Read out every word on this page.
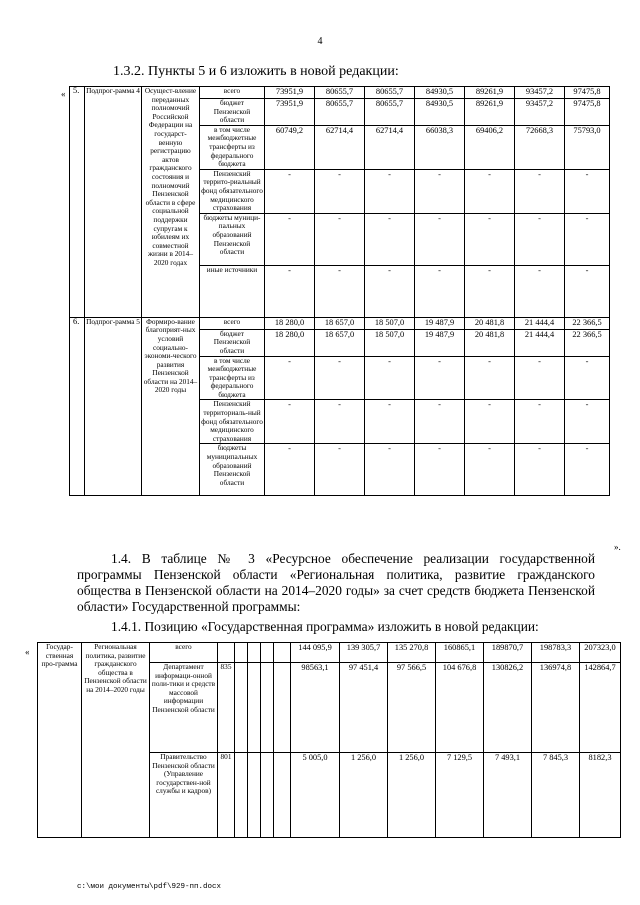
4
1.3.2. Пункты 5 и 6 изложить в новой редакции:
« 5.	Подпрог-рамма 4	Осущест-вление переданных полномочий Российской Федерации на государст-венную регистрацию актов гражданского состояния и полномочий Пензенской области в сфере социальной поддержки супругам к юбилеям их совместной жизни в 2014–2020 годах	всего	73951,9	80655,7	80655,7	84930,5	89261,9	93457,2	97475,8
			бюджет Пензенской области	73951,9	80655,7	80655,7	84930,5	89261,9	93457,2	97475,8
			в том числе межбюджетные трансферты из федерального бюджета	60749,2	62714,4	62714,4	66038,3	69406,2	72668,3	75793,0
			Пензенский террито-риальный фонд обязательного медицинского страхования	-	-	-	-	-	-	-
			бюджеты муници-пальных образований Пензенской области	-	-	-	-	-	-	-
			иные источники	-	-	-	-	-	-	-
6.	Подпрог-рамма 5	Формиро-вание благоприят-ных условий социально-экономи-ческого развития Пензенской области на 2014–2020 годы	всего	18 280,0	18 657,0	18 507,0	19 487,9	20 481,8	21 444,4	22 366,5
			бюджет Пензенской области	18 280,0	18 657,0	18 507,0	19 487,9	20 481,8	21 444,4	22 366,5
			в том числе межбюджетные трансферты из федерального бюджета	-	-	-	-	-	-	-
			Пензенский территориаль-ный фонд обязательного медицинского страхования	-	-	-	-	-	-	-
			бюджеты муниципальных образований Пензенской области	-	-	-	-	-	-	-
».
1.4. В таблице № 3 «Ресурсное обеспечение реализации государственной программы Пензенской области «Региональная политика, развитие гражданского общества в Пензенской области на 2014–2020 годы» за счет средств бюджета Пензенской области» Государственной программы:
1.4.1. Позицию «Государственная программа» изложить в новой редакции:
«
Государ-ственная про-грамма	Региональная политика, развитие гражданского общества в Пензенской области на 2014–2020 годы	всего						144 095,9	139 305,7	135 270,8	160865,1	189870,7	198783,3	207323,0
		Департамент информаци-онной поли-тики и средств массовой информации Пензенской области	835					98563,1	97 451,4	97 566,5	104 676,8	130826,2	136974,8	142864,7
		Правительство Пензенской области (Управление государствен-ной службы и кадров)	801					5 005,0	1 256,0	1 256,0	7 129,5	7 493,1	7 845,3	8182,3
c:\мои документы\pdf\929-пп.docx
